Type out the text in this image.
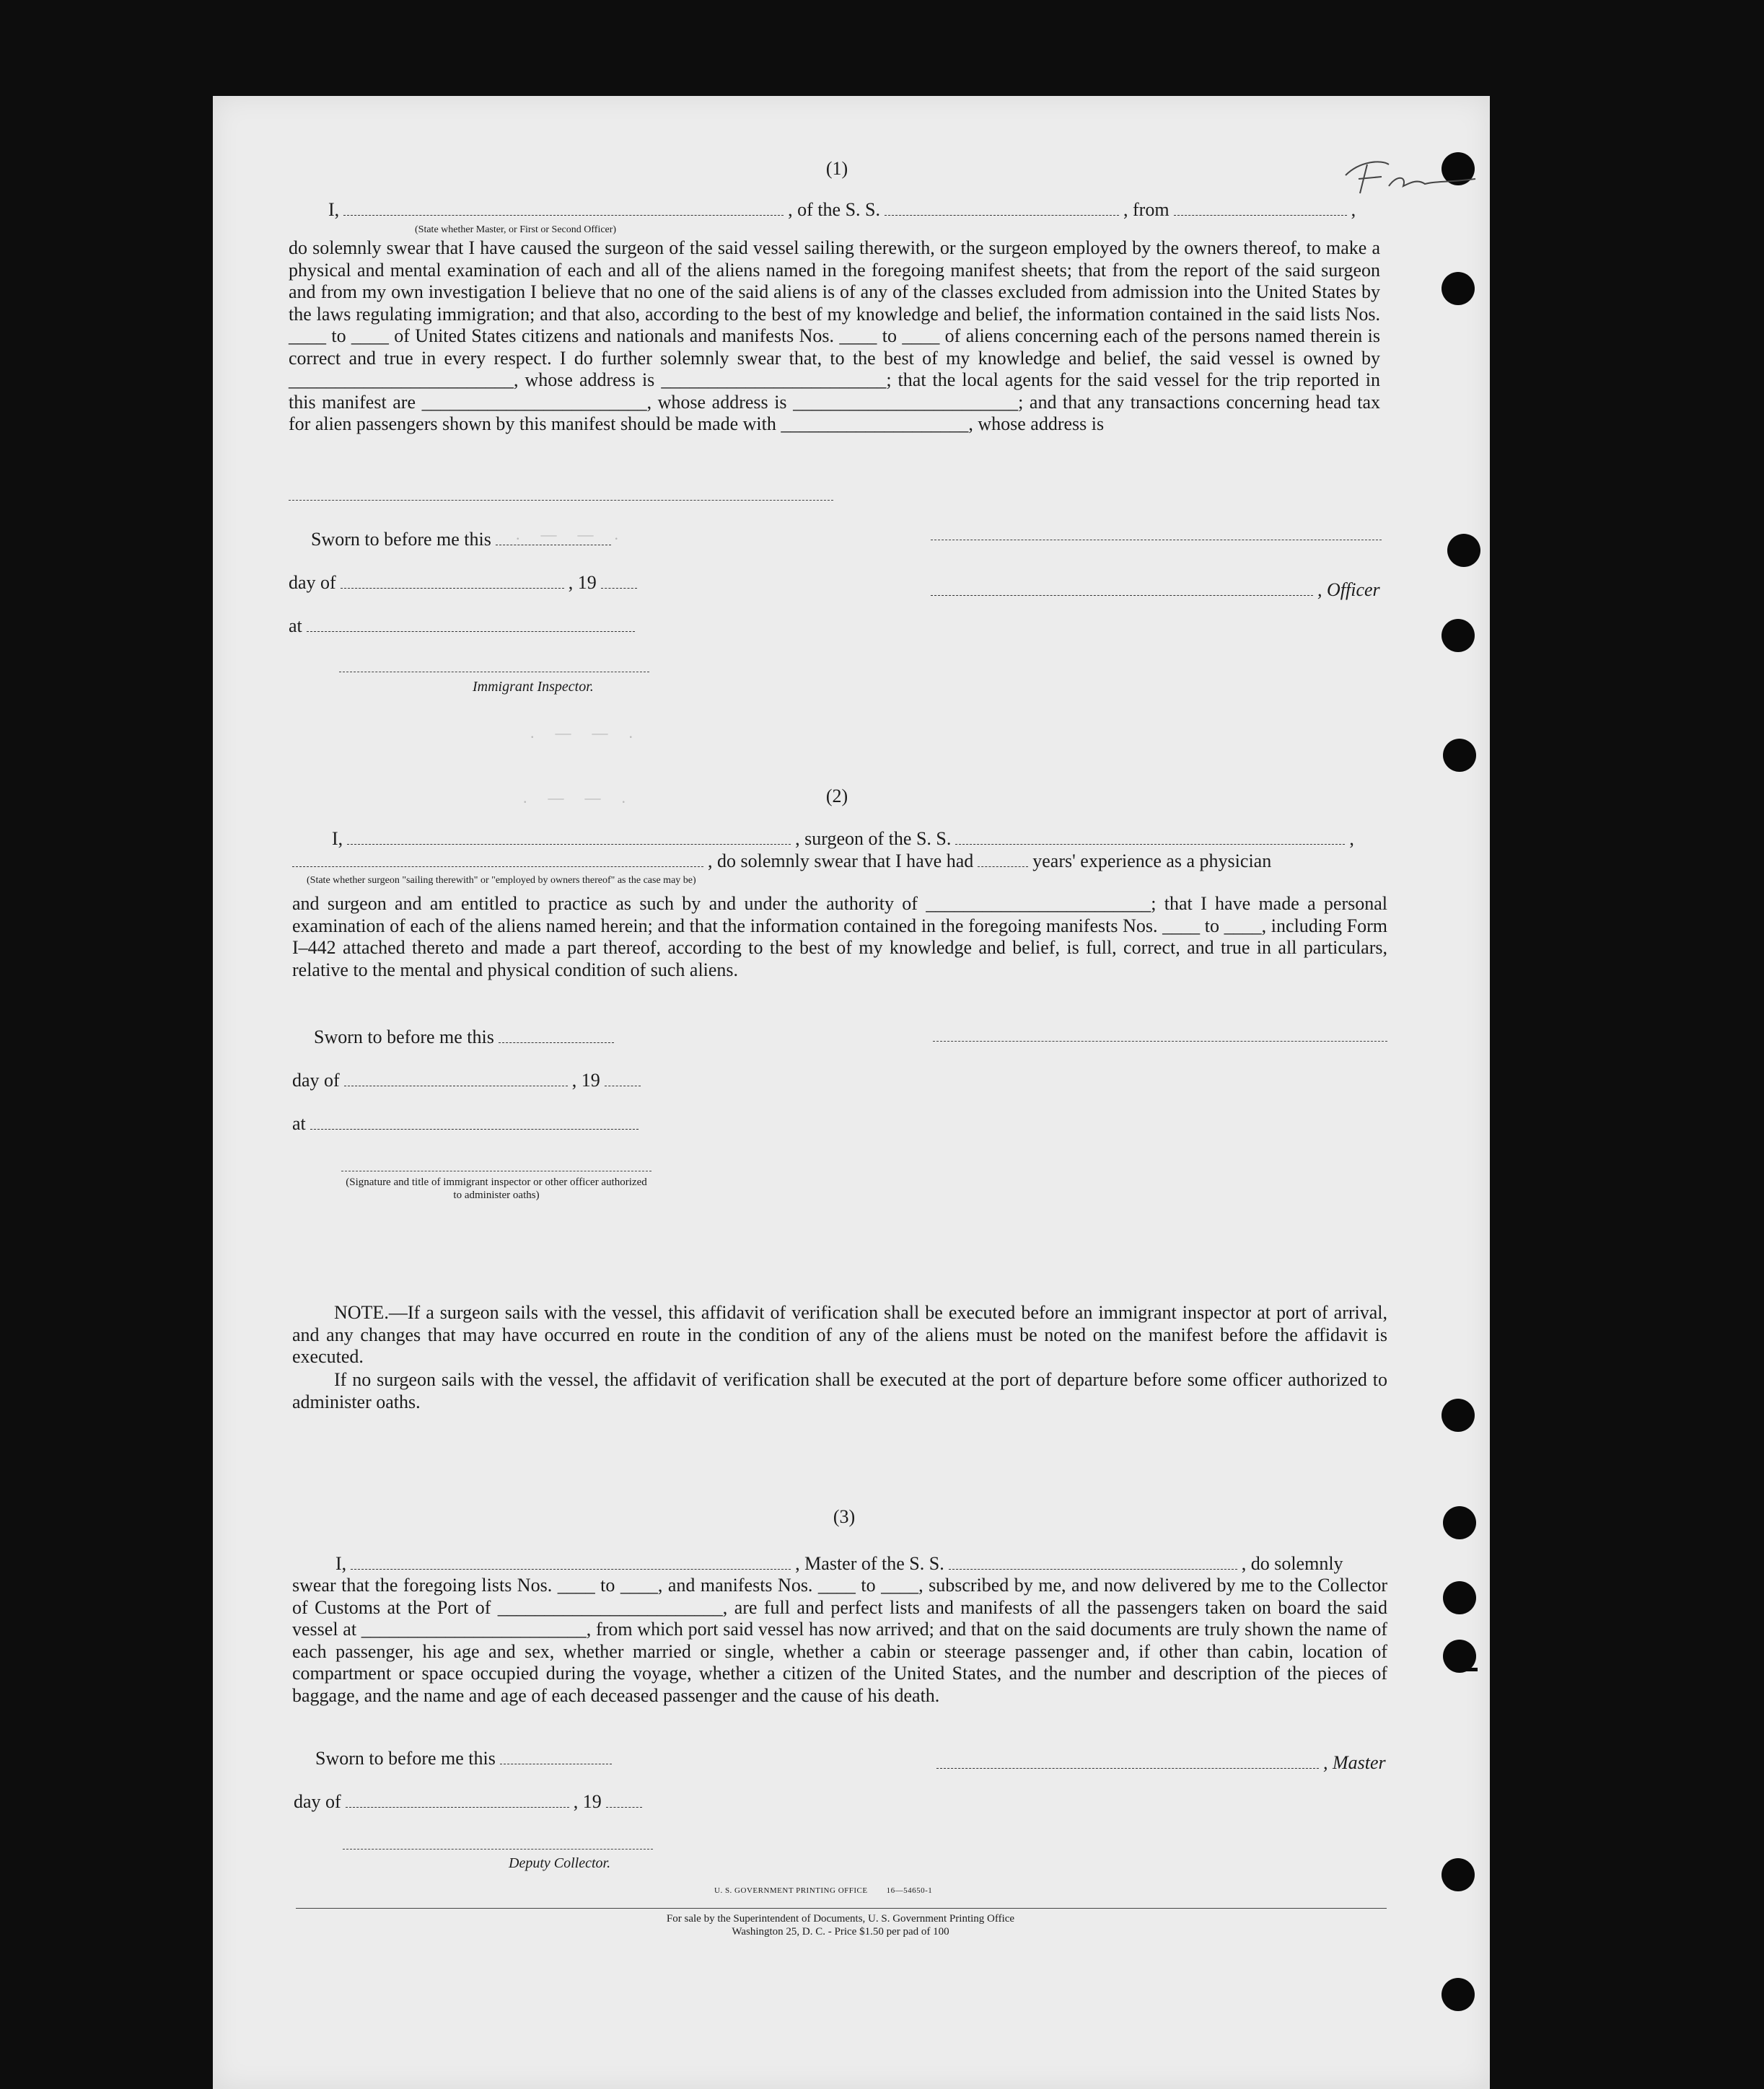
(1)
I,	, of the S. S.	, from	,
(State whether Master, or First or Second Officer)
do solemnly swear that I have caused the surgeon of the said vessel sailing therewith, or the surgeon employed by the owners thereof, to make a physical and mental examination of each and all of the aliens named in the foregoing manifest sheets; that from the report of the said surgeon and from my own investigation I believe that no one of the said aliens is of any of the classes excluded from admission into the United States by the laws regulating immigration; and that also, according to the best of my knowledge and belief, the information contained in the said lists Nos. ____ to ____ of United States citizens and nationals and manifests Nos. ____ to ____ of aliens concerning each of the persons named therein is correct and true in every respect. I do further solemnly swear that, to the best of my knowledge and belief, the said vessel is owned by ________________________, whose address is ________________________; that the local agents for the said vessel for the trip reported in this manifest are ________________________, whose address is ________________________; and that any transactions concerning head tax for alien passengers shown by this manifest should be made with ____________________, whose address is
Sworn to before me this
day of	, 19
at
Immigrant Inspector.
, Officer
.  —  —  .
.  —  —  .
.  —  —  .	(2)
I,	, surgeon of the S. S.	,
, do solemnly swear that I have had	years' experience as a physician
(State whether surgeon "sailing therewith" or "employed by owners thereof" as the case may be)
and surgeon and am entitled to practice as such by and under the authority of ________________________; that I have made a personal examination of each of the aliens named herein; and that the information contained in the foregoing manifests Nos. ____ to ____, including Form I–442 attached thereto and made a part thereof, according to the best of my knowledge and belief, is full, correct, and true in all particulars, relative to the mental and physical condition of such aliens.
Sworn to before me this
day of	, 19
at
(Signature and title of immigrant inspector or other officer authorized to administer oaths)
NOTE.—If a surgeon sails with the vessel, this affidavit of verification shall be executed before an immigrant inspector at port of arrival, and any changes that may have occurred en route in the condition of any of the aliens must be noted on the manifest before the affidavit is executed.
If no surgeon sails with the vessel, the affidavit of verification shall be executed at the port of departure before some officer authorized to administer oaths.
(3)
I,	, Master of the S. S.	, do solemnly
swear that the foregoing lists Nos. ____ to ____, and manifests Nos. ____ to ____, subscribed by me, and now delivered by me to the Collector of Customs at the Port of ________________________, are full and perfect lists and manifests of all the passengers taken on board the said vessel at ________________________, from which port said vessel has now arrived; and that on the said documents are truly shown the name of each passenger, his age and sex, whether married or single, whether a cabin or steerage passenger and, if other than cabin, location of compartment or space occupied during the voyage, whether a citizen of the United States, and the number and description of the pieces of baggage, and the name and age of each deceased passenger and the cause of his death.
Sworn to before me this
day of	, 19
Deputy Collector.
, Master
U. S. GOVERNMENT PRINTING OFFICE 16—54650-1
For sale by the Superintendent of Documents, U. S. Government Printing Office
Washington 25, D. C. - Price $1.50 per pad of 100
